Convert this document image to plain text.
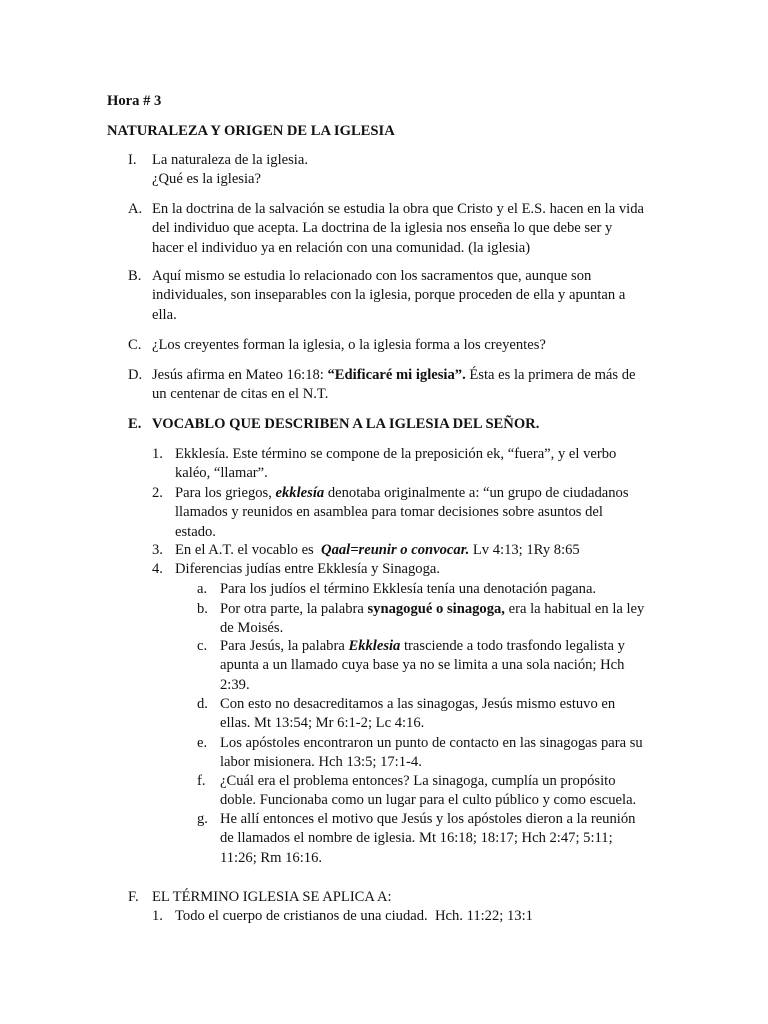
Hora # 3
NATURALEZA Y ORIGEN DE LA IGLESIA
I. La naturaleza de la iglesia.
¿Qué es la iglesia?
A. En la doctrina de la salvación se estudia la obra que Cristo y el E.S. hacen en la vida
del individuo que acepta. La doctrina de la iglesia nos enseña lo que debe ser y
hacer el individuo ya en relación con una comunidad. (la iglesia)
B. Aquí mismo se estudia lo relacionado con los sacramentos que, aunque son
individuales, son inseparables con la iglesia, porque proceden de ella y apuntan a
ella.
C. ¿Los creyentes forman la iglesia, o la iglesia forma a los creyentes?
D. Jesús afirma en Mateo 16:18: “Edificaré mi iglesia”. Ésta es la primera de más de
un centenar de citas en el N.T.
E. VOCABLO QUE DESCRIBEN A LA IGLESIA DEL SEÑOR.
1. Ekklesía. Este término se compone de la preposición ek, “fuera”, y el verbo
kaléo, “llamar”.
2. Para los griegos, ekklesía denotaba originalmente a: “un grupo de ciudadanos
llamados y reunidos en asamblea para tomar decisiones sobre asuntos del
estado.
3. En el A.T. el vocablo es  Qaal=reunir o convocar. Lv 4:13; 1Ry 8:65
4. Diferencias judías entre Ekklesía y Sinagoga.
a. Para los judíos el término Ekklesía tenía una denotación pagana.
b. Por otra parte, la palabra synagogué o sinagoga, era la habitual en la ley
de Moisés.
c. Para Jesús, la palabra Ekklesia trasciende a todo trasfondo legalista y
apunta a un llamado cuya base ya no se limita a una sola nación; Hch
2:39.
d. Con esto no desacreditamos a las sinagogas, Jesús mismo estuvo en
ellas. Mt 13:54; Mr 6:1-2; Lc 4:16.
e. Los apóstoles encontraron un punto de contacto en las sinagogas para su
labor misionera. Hch 13:5; 17:1-4.
f. ¿Cuál era el problema entonces? La sinagoga, cumplía un propósito
doble. Funcionaba como un lugar para el culto público y como escuela.
g. He allí entonces el motivo que Jesús y los apóstoles dieron a la reunión
de llamados el nombre de iglesia. Mt 16:18; 18:17; Hch 2:47; 5:11;
11:26; Rm 16:16.
F. EL TÉRMINO IGLESIA SE APLICA A:
1. Todo el cuerpo de cristianos de una ciudad.  Hch. 11:22; 13:1
